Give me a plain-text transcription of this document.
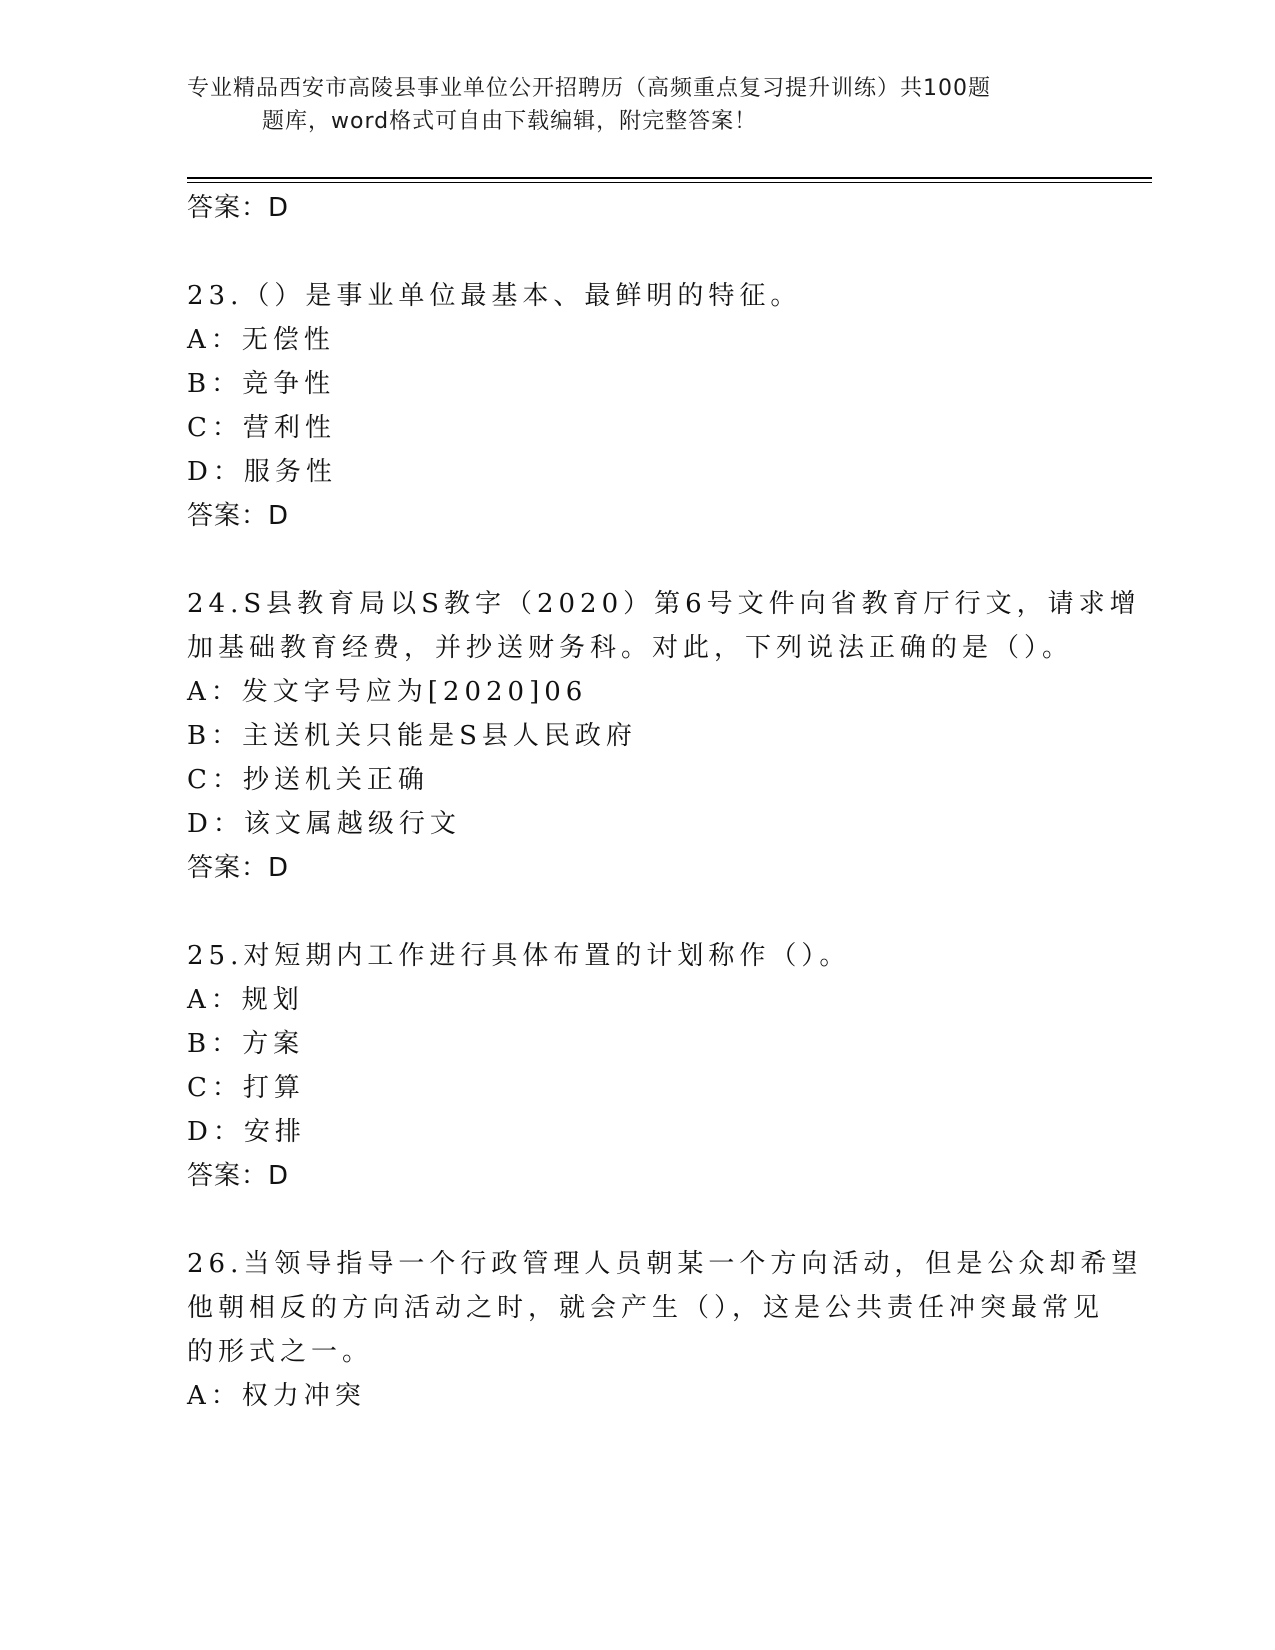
专业精品西安市高陵县事业单位公开招聘历（高频重点复习提升训练）共100题
题库，word格式可自由下载编辑，附完整答案！
答案：D
23.（）是事业单位最基本、最鲜明的特征。
A：无偿性
B：竞争性
C：营利性
D：服务性
答案：D
24.S县教育局以S教字（2020）第6号文件向省教育厅行文，请求增
加基础教育经费，并抄送财务科。对此，下列说法正确的是（）。
A：发文字号应为[2020]06
B：主送机关只能是S县人民政府
C：抄送机关正确
D：该文属越级行文
答案：D
25.对短期内工作进行具体布置的计划称作（）。
A：规划
B：方案
C：打算
D：安排
答案：D
26.当领导指导一个行政管理人员朝某一个方向活动，但是公众却希望
他朝相反的方向活动之时，就会产生（），这是公共责任冲突最常见
的形式之一。
A：权力冲突
